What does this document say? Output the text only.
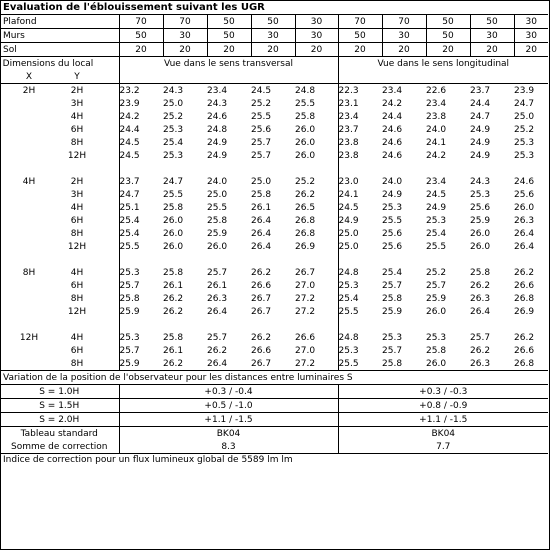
Evaluation de l'éblouissement suivant les UGR
Plafond			70	70	50	50	30	70	70	50	50	30
Murs			50	30	50	30	30	50	30	50	30	30
Sol			20	20	20	20	20	20	20	20	20	20
Dimensions du local			Vue dans le sens transversal					Vue dans le sens longitudinal				
X	Y											
2H	2H		23.2	24.3	23.4	24.5	24.8	22.3	23.4	22.6	23.7	23.9
	3H		23.9	25.0	24.3	25.2	25.5	23.1	24.2	23.4	24.4	24.7
	4H		24.2	25.2	24.6	25.5	25.8	23.4	24.4	23.8	24.7	25.0
	6H		24.4	25.3	24.8	25.6	26.0	23.7	24.6	24.0	24.9	25.2
	8H		24.5	25.4	24.9	25.7	26.0	23.8	24.6	24.1	24.9	25.3
	12H		24.5	25.3	24.9	25.7	26.0	23.8	24.6	24.2	24.9	25.3

4H	2H		23.7	24.7	24.0	25.0	25.2	23.0	24.0	23.4	24.3	24.6
	3H		24.7	25.5	25.0	25.8	26.2	24.1	24.9	24.5	25.3	25.6
	4H		25.1	25.8	25.5	26.1	26.5	24.5	25.3	24.9	25.6	26.0
	6H		25.4	26.0	25.8	26.4	26.8	24.9	25.5	25.3	25.9	26.3
	8H		25.4	26.0	25.9	26.4	26.8	25.0	25.6	25.4	26.0	26.4
	12H		25.5	26.0	26.0	26.4	26.9	25.0	25.6	25.5	26.0	26.4

8H	4H		25.3	25.8	25.7	26.2	26.7	24.8	25.4	25.2	25.8	26.2
	6H		25.7	26.1	26.1	26.6	27.0	25.3	25.7	25.7	26.2	26.6
	8H		25.8	26.2	26.3	26.7	27.2	25.4	25.8	25.9	26.3	26.8
	12H		25.9	26.2	26.4	26.7	27.2	25.5	25.9	26.0	26.4	26.9

12H	4H		25.3	25.8	25.7	26.2	26.6	24.8	25.3	25.3	25.7	26.2
	6H		25.7	26.1	26.2	26.6	27.0	25.3	25.7	25.8	26.2	26.6
	8H		25.9	26.2	26.4	26.7	27.2	25.5	25.8	26.0	26.3	26.8
Variation de la position de l'observateur pour les distances entre luminaires S												
S = 1.0H			+0.3 / -0.4					+0.3 / -0.3				
S = 1.5H			+0.5 / -1.0					+0.8 / -0.9				
S = 2.0H			+1.1 / -1.5					+1.1 / -1.5				
Tableau standard			BK04					BK04				
Somme de correction			8.3					7.7				
Indice de correction pour un flux lumineux global de 5589 lm lm
